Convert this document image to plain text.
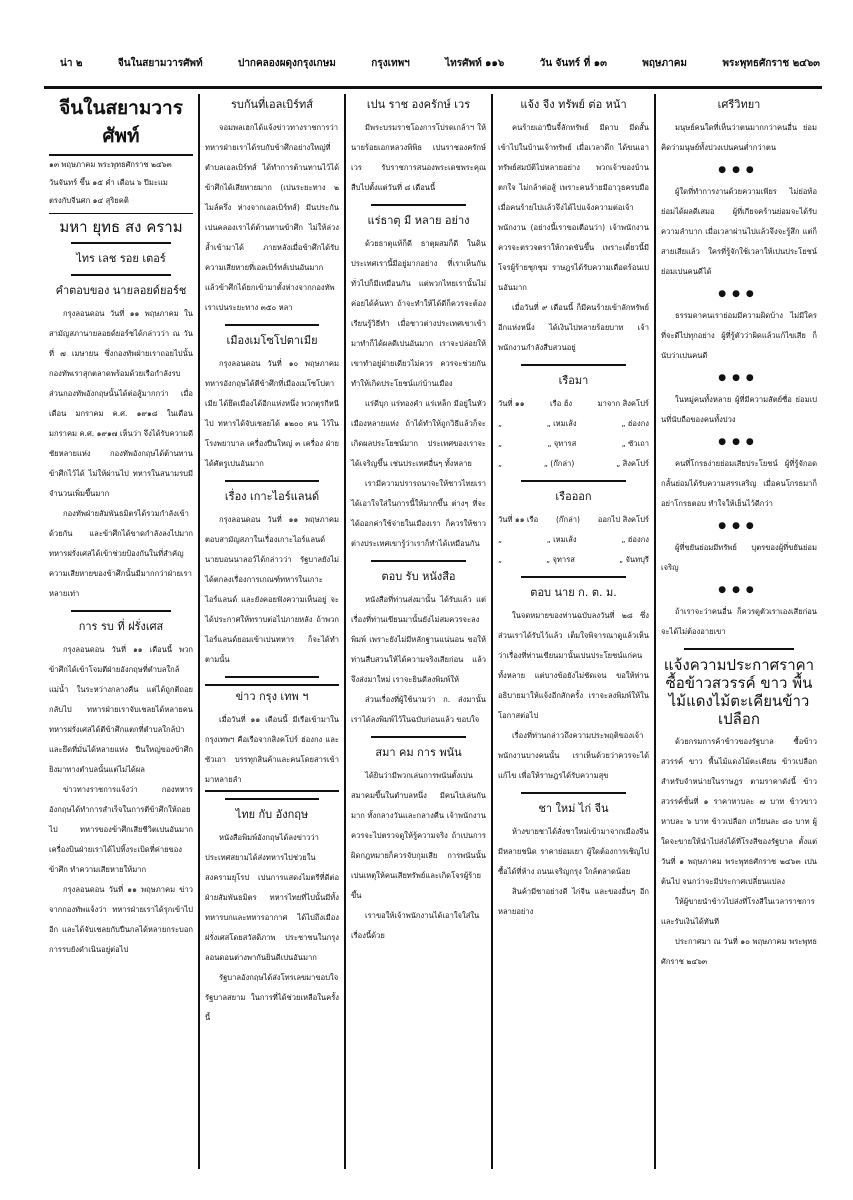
น่า ๒	จีนในสยามวารศัพท์	ปากคลองผดุงกรุงเกษม	กรุงเทพฯ	ไทรศัพท์ ๑๑๖	วัน จันทร์ ที่ ๑๓	พฤษภาคม	พระพุทธศักราช ๒๔๖๓
จีนในสยามวารศัพท์
๑๓ พฤษภาคม พระพุทธศักราช ๒๔๖๓
วันจันทร์ ขึ้น ๑๕ ค่ำ เดือน ๖ ปีมะแม
ตรงกับจีนศก ๑๔ สุริยคติ
มหา ยุทธ สง คราม
ไทร เลช รอย เตอร์
คำตอบของ นายลอยด์ยอร์ช

กรุงลอนดอน วันที่ ๑๑ พฤษภาคม ในสามัญสภานายลอยด์ยอร์ชได้กล่าวว่า ณ วันที่ ๗ เมษายน ซึ่งกองทัพฝ่ายเราถอยไปนั้น กองทัพเราสุกตลาดพร้อมด้วยเรือกำลังรบ ส่วนกองทัพอังกฤษนั้นได้ต่อสู้มากกว่า เมื่อเดือน มกราคม ค.ศ. ๑๙๑๘ ในเดือน มกราคม ค.ศ. ๑๙๑๗ เห็นว่า จึงได้รับความดีชัยหลายแห่ง กองทัพอังกฤษได้ต้านทานข้าศึกไว้ได้ ไม่ให้ผ่านไป ทหารในสนามรบมีจำนวนเพิ่มขึ้นมาก

กองทัพฝ่ายสัมพันธมิตรได้รวมกำลังเข้าด้วยกัน และข้าศึกได้ขาดกำลังลงไปมาก ทหารฝรั่งเศสได้เข้าช่วยป้องกันในที่สำคัญ ความเสียหายของข้าศึกนั้นมีมากกว่าฝ่ายเราหลายเท่า

การ รบ ที่ ฝรั่งเศส

กรุงลอนดอน วันที่ ๑๑ เดือนนี้ พวกข้าศึกได้เข้าโจมตีฝ่ายอังกฤษที่ตำบลใกล้แม่น้ำ ในระหว่างกลางคืน แต่ได้ถูกตีถอยกลับไป ทหารฝ่ายเราจับเชลยได้หลายคน ทหารฝรั่งเศสได้ตีข้าศึกแตกที่ตำบลใกล้ป่า และยึดที่มั่นได้หลายแห่ง ปืนใหญ่ของข้าศึกยิงมาทางตำบลนั้นแต่ไม่ได้ผล

ข่าวทางราชการแจ้งว่า กองทหารอังกฤษได้ทำการสำเร็จในการตีข้าศึกให้ถอยไป ทหารของข้าศึกเสียชีวิตเปนอันมาก เครื่องบินฝ่ายเราได้ไปทิ้งระเบิดที่ค่ายของข้าศึก ทำความเสียหายให้มาก

กรุงลอนดอน วันที่ ๑๑ พฤษภาคม ข่าวจากกองทัพแจ้งว่า ทหารฝ่ายเราได้รุกเข้าไปอีก และได้จับเชลยกับปืนกลได้หลายกระบอก การรบยังดำเนินอยู่ต่อไป

รบกันที่เอลเบิร์ทส์

จอมพลเฮกได้แจ้งข่าวทางราชการว่า ทหารฝ่ายเราได้รบกับข้าศึกอย่างใหญ่ที่ตำบลเอลเบิร์ทส์ ได้ทำการต้านทานไว้ได้ ข้าศึกได้เสียหายมาก (เปนระยะทาง ๒ ไมล์ครึ่ง ห่างจากเอลเบิร์ทส์) มีนประกันเปนคลองเราได้ต้านทานข้าศึก ไม่ให้ล่วงล้ำเข้ามาได้ ภายหลังเมื่อข้าศึกได้รับความเสียหายที่เอลเบิร์ทส์เปนอันมาก แล้วข้าศึกได้ยกเข้ามาตั้งห่างจากกองทัพเราเปนระยะทาง ๓๕๐ หลา

เมืองเมโซโปตาเมีย

กรุงลอนดอน วันที่ ๑๐ พฤษภาคม ทหารอังกฤษได้ตีข้าศึกที่เมืองเมโซโปตาเมีย ได้ยึดเมืองได้อีกแห่งหนึ่ง พวกตุรกีหนีไป ทหารได้จับเชลยได้ ๑๒๐๐ คน ไว้ในโรงพยาบาล เครื่องปืนใหญ่ ๓ เครื่อง ฝ่ายได้ศัตรูเปนอันมาก

เรื่อง เกาะไอร์แลนด์

กรุงลอนดอน วันที่ ๑๑ พฤษภาคม ตอบสามัญสภาในเรื่องเกาะไอร์แลนด์ นายบอนนาลอว์ได้กล่าวว่า รัฐบาลยังไม่ได้ตกลงเรื่องการเกณฑ์ทหารในเกาะไอร์แลนด์ และยังคอยฟังความเห็นอยู่ จะได้ประกาศให้ทราบต่อไปภายหลัง ถ้าพวกไอร์แลนด์ยอมเข้าเปนทหาร ก็จะได้ทำตามนั้น

ข่าว กรุง เทพ ฯ

เมื่อวันที่ ๑๑ เดือนนี้ มีเรือเข้ามาในกรุงเทพฯ คือเรือจากสิงคโปร์ ฮ่องกง และ ซัวเถา บรรทุกสินค้าและคนโดยสารเข้ามาหลายลำ

ไทย กับ อังกฤษ

หนังสือพิมพ์อังกฤษได้ลงข่าวว่า ประเทศสยามได้ส่งทหารไปช่วยในสงครามยุโรป เปนการแสดงไมตรีที่ดีต่อฝ่ายสัมพันธมิตร ทหารไทยที่ไปนั้นมีทั้งทหารบกและทหารอากาศ ได้ไปถึงเมืองฝรั่งเศสโดยสวัสดิภาพ ประชาชนในกรุงลอนดอนต่างพากันยินดีเปนอันมาก

รัฐบาลอังกฤษได้ส่งโทรเลขมาขอบใจรัฐบาลสยาม ในการที่ได้ช่วยเหลือในครั้งนี้

เปน ราช องครักษ์ เวร

มีพระบรมราชโองการโปรดเกล้าฯ ให้นายร้อยเอกหลวงพิพิธ เปนราชองครักษ์เวร รับราชการสนองพระเดชพระคุณสืบไปตั้งแต่วันที่ ๘ เดือนนี้

แร่ธาตุ มี หลาย อย่าง

ด้วยธาตุแท้ก็ดี ธาตุผสมก็ดี ในดินประเทศเรานี้มีอยู่มากอย่าง ที่เราเห็นกันทั่วไปก็มีเหมือนกัน แต่พวกไทยเรานั้นไม่ค่อยได้ค้นหา ถ้าจะทำให้ได้ดีก็ควรจะต้องเรียนรู้วิธีทำ เมื่อชาวต่างประเทศเขาเข้ามาทำก็ได้ผลดีเปนอันมาก เราจะปล่อยให้เขาทำอยู่ฝ่ายเดียวไม่ควร ควรจะช่วยกันทำให้เกิดประโยชน์แก่บ้านเมือง

แร่ดีบุก แร่ทองคำ แร่เหล็ก มีอยู่ในหัวเมืองหลายแห่ง ถ้าได้ทำให้ถูกวิธีแล้วก็จะเกิดผลประโยชน์มาก ประเทศของเราจะได้เจริญขึ้น เช่นประเทศอื่นๆ ทั้งหลาย

เรามีความปรารถนาจะให้ชาวไทยเราได้เอาใจใส่ในการนี้ให้มากขึ้น ต่างๆ ที่จะได้ออกค่าใช้จ่ายในเมืองเรา ก็ควรให้ชาวต่างประเทศเขารู้ว่าเราก็ทำได้เหมือนกัน

ตอบ รับ หนังสือ

หนังสือที่ท่านส่งมานั้น ได้รับแล้ว แต่เรื่องที่ท่านเขียนมานั้นยังไม่สมควรจะลงพิมพ์ เพราะยังไม่มีหลักฐานแน่นอน ขอให้ท่านสืบสวนให้ได้ความจริงเสียก่อน แล้วจึงส่งมาใหม่ เราจะยินดีลงพิมพ์ให้

ส่วนเรื่องที่ผู้ใช้นามว่า ก. ส่งมานั้น เราได้ลงพิมพ์ไว้ในฉบับก่อนแล้ว ขอบใจ

สมา คม การ พนัน

ได้ยินว่ามีพวกเล่นการพนันตั้งเปนสมาคมขึ้นในตำบลหนึ่ง มีคนไปเล่นกันมาก ทั้งกลางวันและกลางคืน เจ้าพนักงานควรจะไปตรวจดูให้รู้ความจริง ถ้าเปนการผิดกฎหมายก็ควรจับกุมเสีย การพนันนั้นเปนเหตุให้คนเสียทรัพย์และเกิดโจรผู้ร้ายขึ้น

เราขอให้เจ้าพนักงานได้เอาใจใส่ในเรื่องนี้ด้วย

แจ้ง จีง ทรัพย์ ต่อ หน้า

คนร้ายเอาปืนจี้ลักทรัพย์ มีดาบ มีดสั้น เข้าไปในบ้านเจ้าทรัพย์ เมื่อเวลาดึก ได้ขนเอาทรัพย์สมบัติไปหลายอย่าง พวกเจ้าของบ้านตกใจ ไม่กล้าต่อสู้ เพราะคนร้ายมีอาวุธครบมือ เมื่อคนร้ายไปแล้วจึงได้ไปแจ้งความต่อเจ้าพนักงาน (อย่างนี้เราขอเตือนว่า) เจ้าพนักงานควรจะตรวจตราให้กวดขันขึ้น เพราะเดี๋ยวนี้มีโจรผู้ร้ายชุกชุม ราษฎรได้รับความเดือดร้อนเปนอันมาก

เมื่อวันที่ ๙ เดือนนี้ ก็มีคนร้ายเข้าลักทรัพย์อีกแห่งหนึ่ง ได้เงินไปหลายร้อยบาท เจ้าพนักงานกำลังสืบสวนอยู่

เรือมา
วันที่ ๑๑	เรือ ฮ้ง	มาจาก สิงคโปร์
„	„ เหมเส้ง	„ ฮ่องกง
„	„ จุทารส	„ ซัวเถา
„	„ (ก๊กล่า)	„ สิงคโปร์
เรือออก
วันที่ ๑๑ เรือ (ก๊กล่า) ออกไป สิงคโปร์
„	„ เหมเส้ง	„ ฮ่องกง
„	„ จุทารส	„ จันทบุรี
ตอบ นาย ก. ต. ม.

ในจดหมายของท่านฉบับลงวันที่ ๒๘ ซึ่งส่วนเราได้รับไว้แล้ว เต็มใจพิจารณาดูแล้วเห็นว่าเรื่องที่ท่านเขียนมานั้นเปนประโยชน์แก่คนทั้งหลาย แต่บางข้อยังไม่ชัดเจน ขอให้ท่านอธิบายมาให้แจ้งอีกสักครั้ง เราจะลงพิมพ์ให้ในโอกาสต่อไป

เรื่องที่ท่านกล่าวถึงความประพฤติของเจ้าพนักงานบางคนนั้น เราเห็นด้วยว่าควรจะได้แก้ไข เพื่อให้ราษฎรได้รับความสุข

ชา ใหม่ ไก่ จีน

ห้างขายชาได้สั่งชาใหม่เข้ามาจากเมืองจีน มีหลายชนิด ราคาย่อมเยา ผู้ใดต้องการเชิญไปซื้อได้ที่ห้าง ถนนเจริญกรุง ใกล้ตลาดน้อย

สินค้ามีชาอย่างดี ไก่จีน และของอื่นๆ อีกหลายอย่าง

เศรีวิทยา

มนุษย์คนใดที่เห็นว่าตนมากกว่าคนอื่น ย่อมคิดว่ามนุษย์ทั้งปวงเปนคนต่ำกว่าตน

●●●

ผู้ใดที่ทำการงานด้วยความเพียร ไม่ย่อท้อ ย่อมได้ผลดีเสมอ ผู้ที่เกียจคร้านย่อมจะได้รับความลำบาก เมื่อเวลาผ่านไปแล้วจึงจะรู้สึก แต่ก็สายเสียแล้ว ใครที่รู้จักใช้เวลาให้เปนประโยชน์ ย่อมเปนคนดีได้

●●●

ธรรมดาคนเราย่อมมีความผิดบ้าง ไม่มีใครที่จะดีไปทุกอย่าง ผู้ที่รู้ตัวว่าผิดแล้วแก้ไขเสีย ก็นับว่าเปนคนดี

●●●

ในหมู่คนทั้งหลาย ผู้ที่มีความสัตย์ซื่อ ย่อมเปนที่นับถือของคนทั้งปวง

●●●

คนที่โกรธง่ายย่อมเสียประโยชน์ ผู้ที่รู้จักอดกลั้นย่อมได้รับความสรรเสริญ เมื่อคนโกรธมาก็อย่าโกรธตอบ ทำใจให้เย็นไว้ดีกว่า

●●●

ผู้ที่ขยันย่อมมีทรัพย์ บุตรของผู้ที่ขยันย่อมเจริญ

●●●

ถ้าเราจะว่าคนอื่น ก็ควรดูตัวเราเองเสียก่อน จะได้ไม่ต้องอายเขา

แจ้งความประกาศราคาซื้อข้าวสวรรค์ ขาว พื้นไม้แดงไม้ตะเคียนข้าวเปลือก

ด้วยกรมการค้าข้าวของรัฐบาล ซื้อข้าวสวรรค์ ขาว พื้นไม้แดงไม้ตะเคียน ข้าวเปลือก สำหรับจำหน่ายในราษฎร ตามราคาดังนี้ ข้าวสวรรค์ชั้นที่ ๑ ราคาหาบละ ๗ บาท ข้าวขาว หาบละ ๖ บาท ข้าวเปลือก เกวียนละ ๘๐ บาท ผู้ใดจะขายให้นำไปส่งได้ที่โรงสีของรัฐบาล ตั้งแต่วันที่ ๑ พฤษภาคม พระพุทธศักราช ๒๔๖๓ เปนต้นไป จนกว่าจะมีประกาศเปลี่ยนแปลง

ให้ผู้ขายนำข้าวไปส่งที่โรงสีในเวลาราชการ และรับเงินได้ทันที

ประกาศมา ณ วันที่ ๑๐ พฤษภาคม พระพุทธศักราช ๒๔๖๓
